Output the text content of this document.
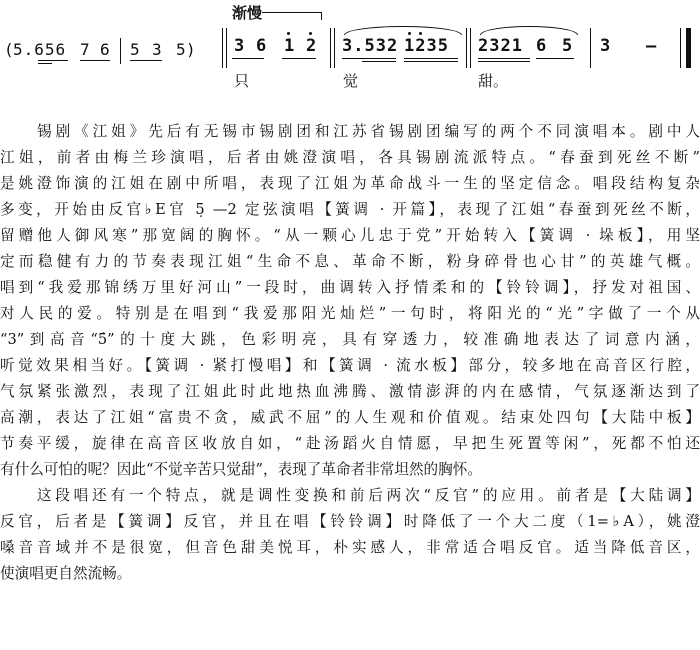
渐慢
(
5.656 7 6 5 3 5 ) 3 6 1 2 3.532 1235 2321 6 5 3 –
只	觉	甜。
　　锡剧《江姐》先后有无锡市锡剧团和江苏省锡剧团编写的两个不同演唱本。剧中人
江姐，前者由梅兰珍演唱，后者由姚澄演唱，各具锡剧流派特点。“春蚕到死丝不断”
是姚澄饰演的江姐在剧中所唱，表现了江姐为革命战斗一生的坚定信念。唱段结构复杂
多变，开始由反官♭E官 5̣ —2 定弦演唱【簧调 · 开篇】，表现了江姐“春蚕到死丝不断，
留赠他人御风寒”那宽阔的胸怀。“从一颗心儿忠于党”开始转入【簧调 · 垛板】，用坚
定而稳健有力的节奏表现江姐“生命不息、革命不断，粉身碎骨也心甘”的英雄气概。
唱到“我爱那锦绣万里好河山”一段时，曲调转入抒情柔和的【铃铃调】，抒发对祖国、
对人民的爱。特别是在唱到“我爱那阳光灿烂”一句时，将阳光的“光”字做了一个从
“3”到高音“5̇”的十度大跳，色彩明亮，具有穿透力，较准确地表达了词意内涵，
听觉效果相当好。【簧调 · 紧打慢唱】和【簧调 · 流水板】部分，较多地在高音区行腔，
气氛紧张激烈，表现了江姐此时此地热血沸腾、激情澎湃的内在感情，气氛逐渐达到了
高潮，表达了江姐“富贵不贪，威武不屈”的人生观和价值观。结束处四句【大陆中板】
节奏平缓，旋律在高音区收放自如，“赴汤蹈火自情愿，早把生死置等闲”，死都不怕还
有什么可怕的呢？因此“不觉辛苦只觉甜”，表现了革命者非常坦然的胸怀。
　　这段唱还有一个特点，就是调性变换和前后两次“反官”的应用。前者是【大陆调】
反官，后者是【簧调】反官，并且在唱【铃铃调】时降低了一个大二度（1=♭A），姚澄
嗓音音域并不是很宽，但音色甜美悦耳，朴实感人，非常适合唱反官。适当降低音区，
使演唱更自然流畅。
